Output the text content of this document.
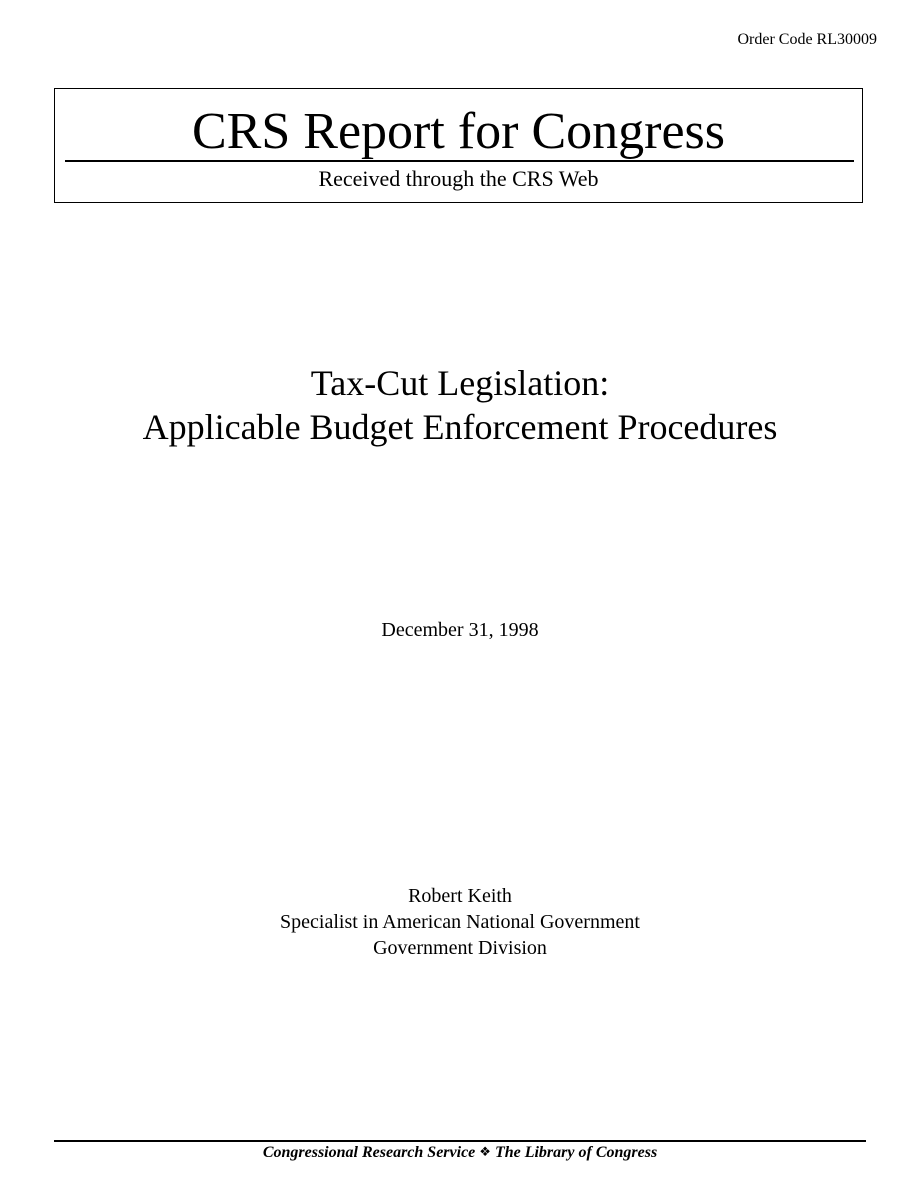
Order Code RL30009
CRS Report for Congress
Received through the CRS Web
Tax-Cut Legislation:
Applicable Budget Enforcement Procedures
December 31, 1998
Robert Keith
Specialist in American National Government
Government Division
Congressional Research Service ❖ The Library of Congress
